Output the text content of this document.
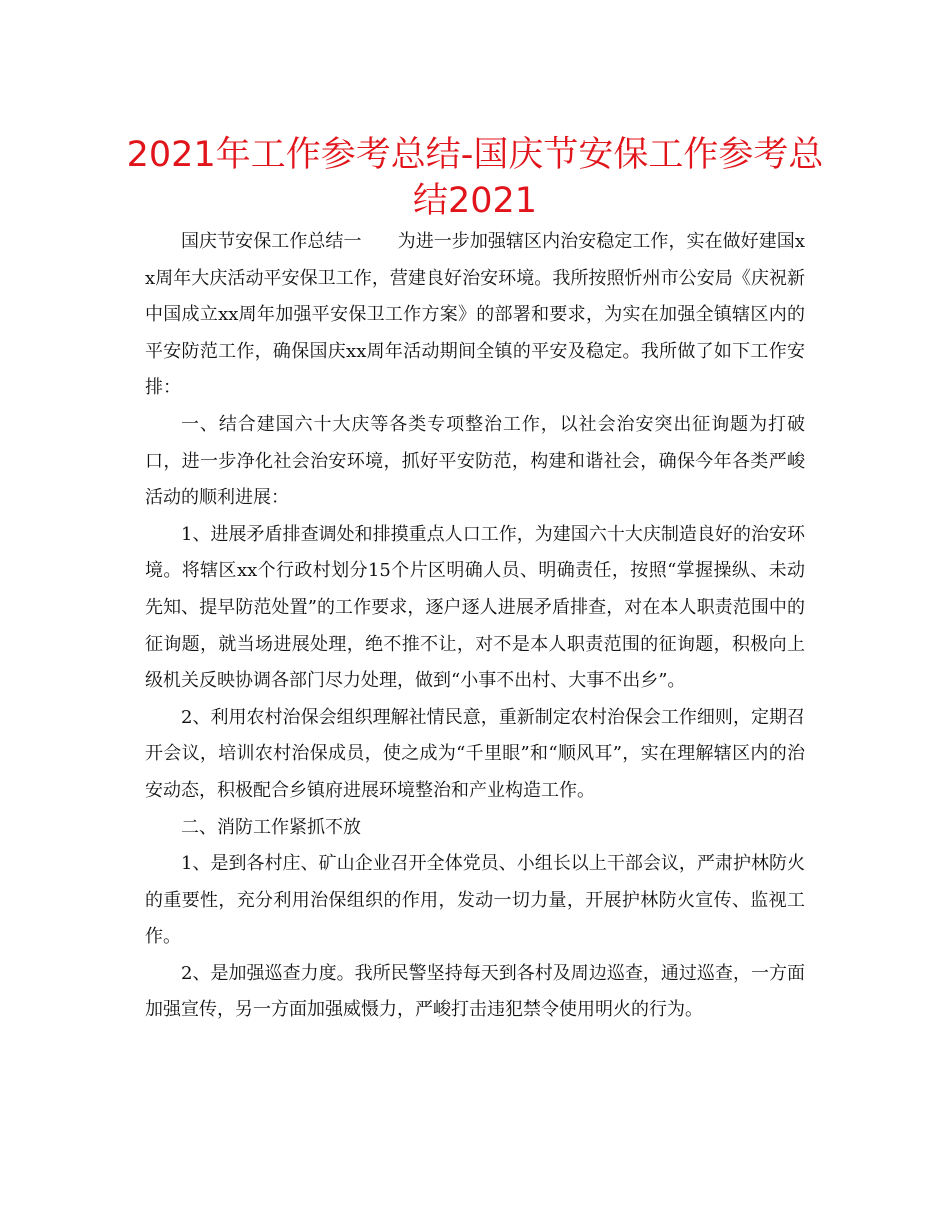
2021年工作参考总结-国庆节安保工作参考总结2021

国庆节安保工作总结一　　为进一步加强辖区内治安稳定工作，实在做好建国xx周年大庆活动平安保卫工作，营建良好治安环境。我所按照忻州市公安局《庆祝新中国成立xx周年加强平安保卫工作方案》的部署和要求，为实在加强全镇辖区内的平安防范工作，确保国庆xx周年活动期间全镇的平安及稳定。我所做了如下工作安排：

一、结合建国六十大庆等各类专项整治工作，以社会治安突出征询题为打破口，进一步净化社会治安环境，抓好平安防范，构建和谐社会，确保今年各类严峻活动的顺利进展：

1、进展矛盾排查调处和排摸重点人口工作，为建国六十大庆制造良好的治安环境。将辖区xx个行政村划分15个片区明确人员、明确责任，按照“掌握操纵、未动先知、提早防范处置”的工作要求，逐户逐人进展矛盾排查，对在本人职责范围中的征询题，就当场进展处理，绝不推不让，对不是本人职责范围的征询题，积极向上级机关反映协调各部门尽力处理，做到“小事不出村、大事不出乡”。

2、利用农村治保会组织理解社情民意，重新制定农村治保会工作细则，定期召开会议，培训农村治保成员，使之成为“千里眼”和“顺风耳”，实在理解辖区内的治安动态，积极配合乡镇府进展环境整治和产业构造工作。

二、消防工作紧抓不放

1、是到各村庄、矿山企业召开全体党员、小组长以上干部会议，严肃护林防火的重要性，充分利用治保组织的作用，发动一切力量，开展护林防火宣传、监视工作。

2、是加强巡查力度。我所民警坚持每天到各村及周边巡查，通过巡查，一方面加强宣传，另一方面加强威慑力，严峻打击违犯禁令使用明火的行为。
